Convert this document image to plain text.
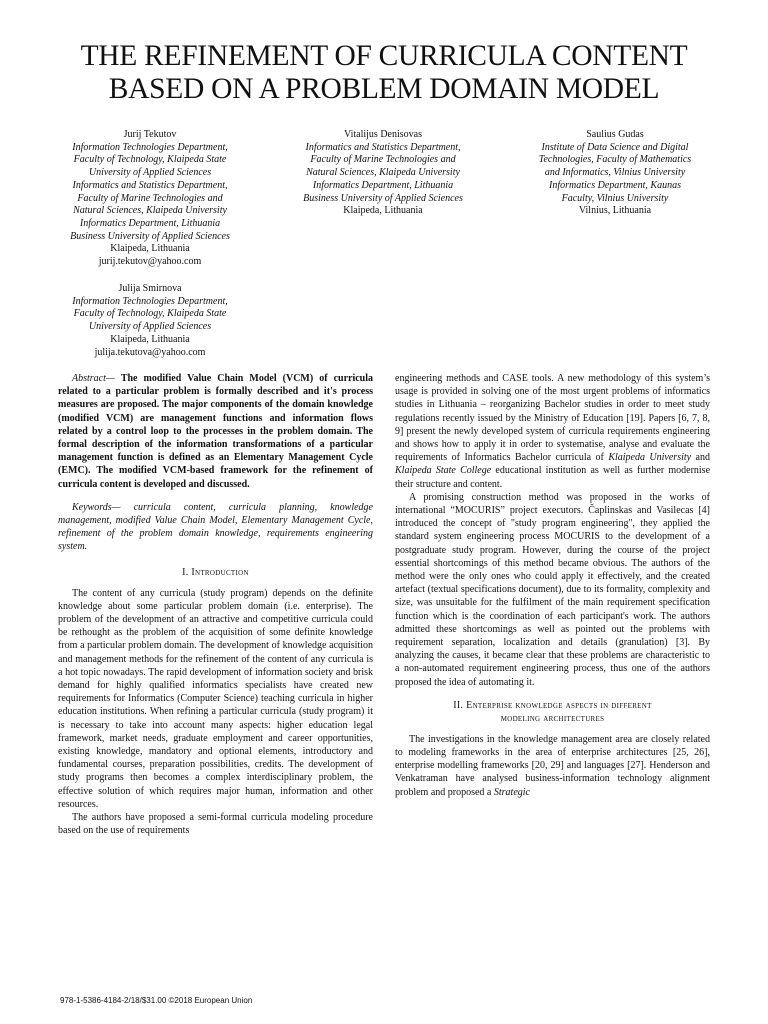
THE REFINEMENT OF CURRICULA CONTENT
BASED ON A PROBLEM DOMAIN MODEL
Jurij Tekutov
Information Technologies Department,
Faculty of Technology, Klaipeda State
University of Applied Sciences
Informatics and Statistics Department,
Faculty of Marine Technologies and
Natural Sciences, Klaipeda University
Informatics Department, Lithuania
Business University of Applied Sciences
Klaipeda, Lithuania
jurij.tekutov@yahoo.com
Vitalijus Denisovas
Informatics and Statistics Department,
Faculty of Marine Technologies and
Natural Sciences, Klaipeda University
Informatics Department, Lithuania
Business University of Applied Sciences
Klaipeda, Lithuania
Saulius Gudas
Institute of Data Science and Digital
Technologies, Faculty of Mathematics
and Informatics, Vilnius University
Informatics Department, Kaunas
Faculty, Vilnius University
Vilnius, Lithuania
Julija Smirnova
Information Technologies Department,
Faculty of Technology, Klaipeda State
University of Applied Sciences
Klaipeda, Lithuania
julija.tekutova@yahoo.com

Abstract— The modified Value Chain Model (VCM) of curricula related to a particular problem is formally described and it's process measures are proposed. The major components of the domain knowledge (modified VCM) are management functions and information flows related by a control loop to the processes in the problem domain. The formal description of the information transformations of a particular management function is defined as an Elementary Management Cycle (EMC). The modified VCM-based framework for the refinement of curricula content is developed and discussed.

Keywords— curricula content, curricula planning, knowledge management, modified Value Chain Model, Elementary Management Cycle, refinement of the problem domain knowledge, requirements engineering system.

I. Introduction

The content of any curricula (study program) depends on the definite knowledge about some particular problem domain (i.e. enterprise). The problem of the development of an attractive and competitive curricula could be rethought as the problem of the acquisition of some definite knowledge from a particular problem domain. The development of knowledge acquisition and management methods for the refinement of the content of any curricula is a hot topic nowadays. The rapid development of information society and brisk demand for highly qualified informatics specialists have created new requirements for Informatics (Computer Science) teaching curricula in higher education institutions. When refining a particular curricula (study program) it is necessary to take into account many aspects: higher education legal framework, market needs, graduate employment and career opportunities, existing knowledge, mandatory and optional elements, introductory and fundamental courses, preparation possibilities, credits. The development of study programs then becomes a complex interdisciplinary problem, the effective solution of which requires major human, information and other resources.

The authors have proposed a semi-formal curricula modeling procedure based on the use of requirements

engineering methods and CASE tools. A new methodology of this system’s usage is provided in solving one of the most urgent problems of informatics studies in Lithuania – reorganizing Bachelor studies in order to meet study regulations recently issued by the Ministry of Education [19]. Papers [6, 7, 8, 9] present the newly developed system of curricula requirements engineering and shows how to apply it in order to systematise, analyse and evaluate the requirements of Informatics Bachelor curricula of Klaipeda University and Klaipeda State College educational institution as well as further modernise their structure and content.

A promising construction method was proposed in the works of international “MOCURIS” project executors. Čaplinskas and Vasilecas [4] introduced the concept of "study program engineering", they applied the standard system engineering process MOCURIS to the development of a postgraduate study program. However, during the course of the project essential shortcomings of this method became obvious. The authors of the method were the only ones who could apply it effectively, and the created artefact (textual specifications document), due to its formality, complexity and size, was unsuitable for the fulfilment of the main requirement specification function which is the coordination of each participant's work. The authors admitted these shortcomings as well as pointed out the problems with requirement separation, localization and details (granulation) [3]. By analyzing the causes, it became clear that these problems are characteristic to a non-automated requirement engineering process, thus one of the authors proposed the idea of automating it.

II. Enterprise knowledge aspects in different
modeling architectures

The investigations in the knowledge management area are closely related to modeling frameworks in the area of enterprise architectures [25, 26], enterprise modelling frameworks [20, 29] and languages [27]. Henderson and Venkatraman have analysed business-information technology alignment problem and proposed a Strategic

978-1-5386-4184-2/18/$31.00 ©2018 European Union
